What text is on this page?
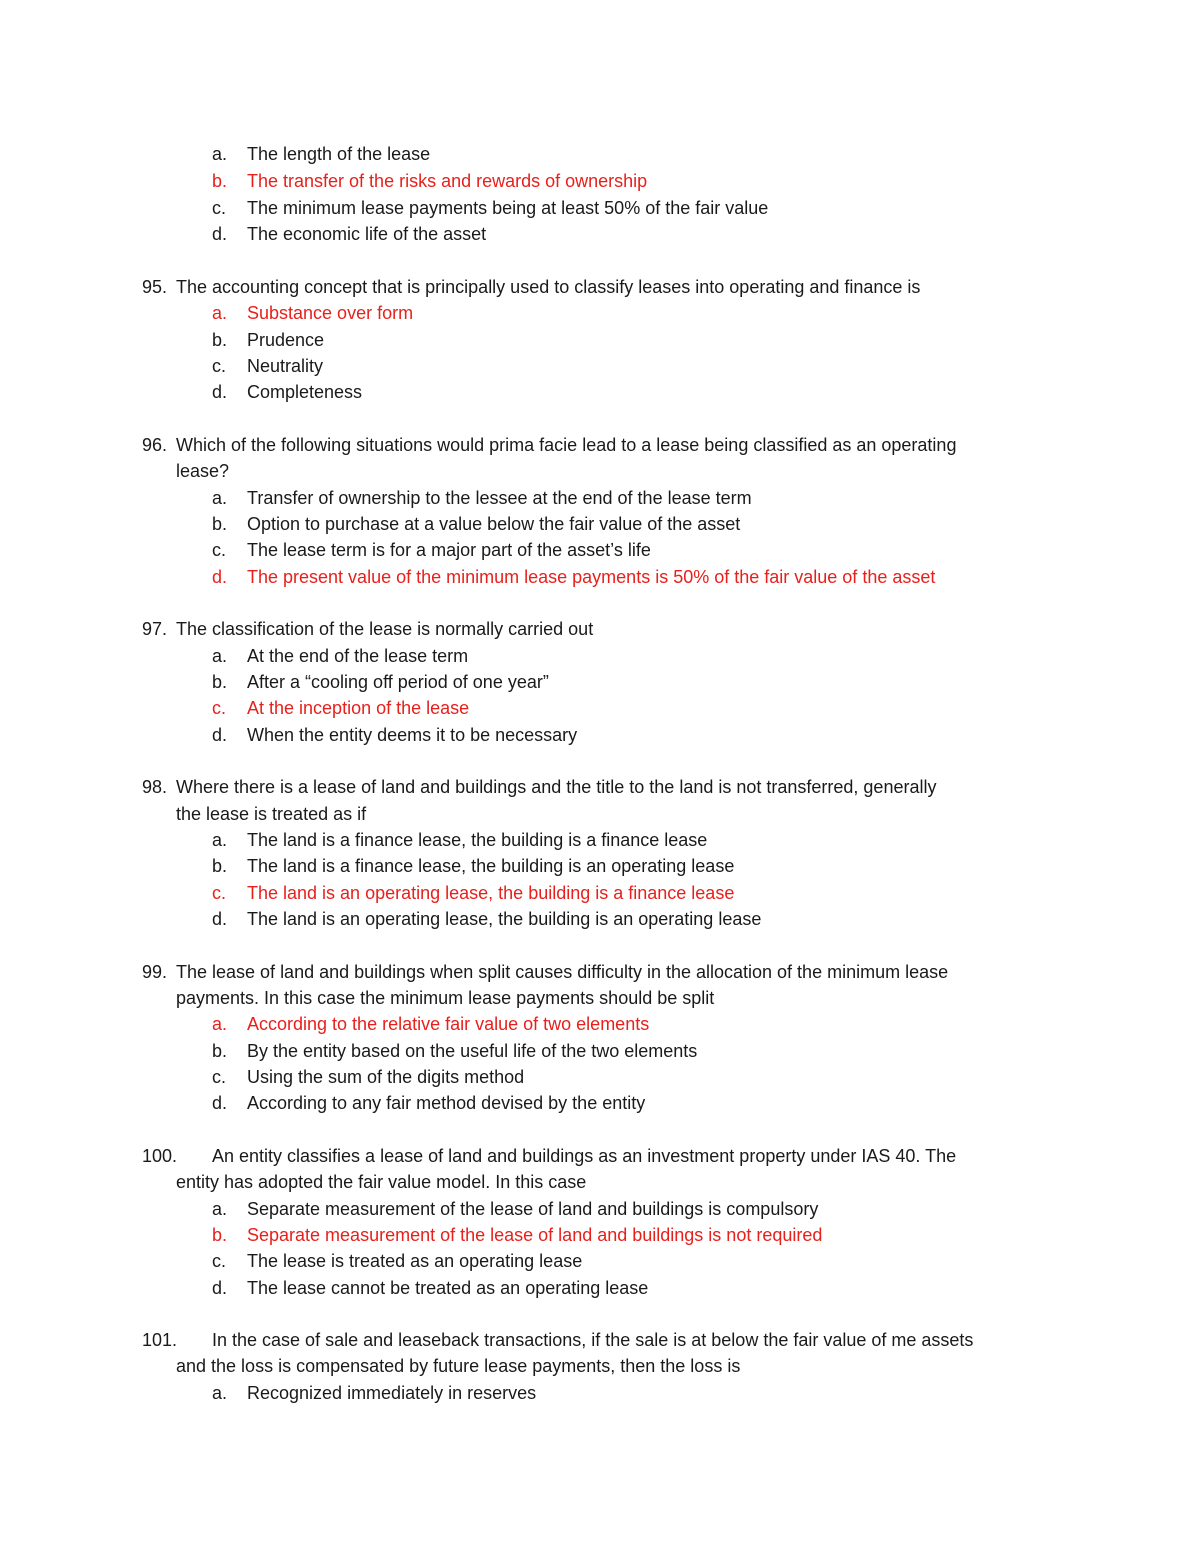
a. The length of the lease
b. The transfer of the risks and rewards of ownership
c. The minimum lease payments being at least 50% of the fair value
d. The economic life of the asset
95. The accounting concept that is principally used to classify leases into operating and finance is
a. Substance over form
b. Prudence
c. Neutrality
d. Completeness
96. Which of the following situations would prima facie lead to a lease being classified as an operating
lease?
a. Transfer of ownership to the lessee at the end of the lease term
b. Option to purchase at a value below the fair value of the asset
c. The lease term is for a major part of the asset’s life
d. The present value of the minimum lease payments is 50% of the fair value of the asset
97. The classification of the lease is normally carried out
a. At the end of the lease term
b. After a “cooling off period of one year”
c. At the inception of the lease
d. When the entity deems it to be necessary
98. Where there is a lease of land and buildings and the title to the land is not transferred, generally
the lease is treated as if
a. The land is a finance lease, the building is a finance lease
b. The land is a finance lease, the building is an operating lease
c. The land is an operating lease, the building is a finance lease
d. The land is an operating lease, the building is an operating lease
99. The lease of land and buildings when split causes difficulty in the allocation of the minimum lease
payments. In this case the minimum lease payments should be split
a. According to the relative fair value of two elements
b. By the entity based on the useful life of the two elements
c. Using the sum of the digits method
d. According to any fair method devised by the entity
100. An entity classifies a lease of land and buildings as an investment property under IAS 40. The
entity has adopted the fair value model. In this case
a. Separate measurement of the lease of land and buildings is compulsory
b. Separate measurement of the lease of land and buildings is not required
c. The lease is treated as an operating lease
d. The lease cannot be treated as an operating lease
101. In the case of sale and leaseback transactions, if the sale is at below the fair value of me assets
and the loss is compensated by future lease payments, then the loss is
a. Recognized immediately in reserves
